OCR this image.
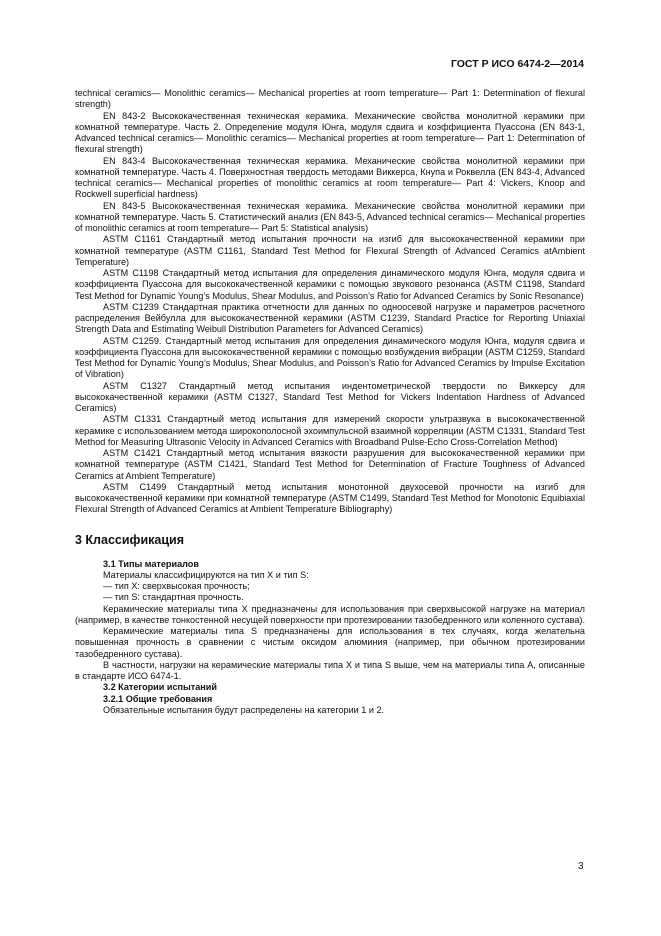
ГОСТ Р ИСО 6474-2—2014

technical ceramics— Monolithic ceramics— Mechanical properties at room temperature— Part 1: Determination of flexural strength)

EN 843-2 Высококачественная техническая керамика. Механические свойства монолитной керамики при комнатной температуре. Часть 2. Определение модуля Юнга, модуля сдвига и коэффициента Пуассона (EN 843-1, Advanced technical ceramics— Monolithic ceramics— Mechanical properties at room temperature— Part 1: Determination of flexural strength)

EN 843-4 Высококачественная техническая керамика. Механические свойства монолитной керамики при комнатной температуре. Часть 4. Поверхностная твердость методами Виккерса, Кнупа и Роквелла (EN 843-4, Advanced technical ceramics— Mechanical properties of monolithic ceramics at room temperature— Part 4: Vickers, Knoop and Rockwell superficial hardness)

EN 843-5 Высококачественная техническая керамика. Механические свойства монолитной керамики при комнатной температуре. Часть 5. Статистический анализ (EN 843-5, Advanced technical ceramics— Mechanical properties of monolithic ceramics at room temperature— Part 5: Statistical analysis)

ASTM C1161 Стандартный метод испытания прочности на изгиб для высококачественной керамики при комнатной температуре (ASTM C1161, Standard Test Method for Flexural Strength of Advanced Ceramics atAmbient Temperature)

ASTM C1198 Стандартный метод испытания для определения динамического модуля Юнга, модуля сдвига и коэффициента Пуассона для высококачественной керамики с помощью звукового резонанса (ASTM C1198, Standard Test Method for Dynamic Young’s Modulus, Shear Modulus, and Poisson’s Ratio for Advanced Ceramics by Sonic Resonance)

ASTM C1239 Стандартная практика отчетности для данных по одноосевой нагрузке и параметров расчетного распределения Вейбулла для высококачественной керамики (ASTM C1239, Standard Practice for Reporting Uniaxial Strength Data and Estimating Weibull Distribution Parameters for Advanced Ceramics)

ASTM C1259. Стандартный метод испытания для определения динамического модуля Юнга, модуля сдвига и коэффициента Пуассона для высококачественной керамики с помощью возбуждения вибрации (ASTM C1259, Standard Test Method for Dynamic Young’s Modulus, Shear Modulus, and Poisson’s Ratio for Advanced Ceramics by Impulse Excitation of Vibration)

ASTM C1327 Стандартный метод испытания индентометрической твердости по Виккерсу для высококачественной керамики (ASTM C1327, Standard Test Method for Vickers Indentation Hardness of Advanced Ceramics)

ASTM C1331 Стандартный метод испытания для измерений скорости ультразвука в высококачественной керамике с использованием метода широкополосной эхоимпульсной взаимной корреляции (ASTM C1331, Standard Test Method for Measuring Ultrasonic Velocity in Advanced Ceramics with Broadband Pulse-Echo Cross-Correlation Method)

ASTM C1421 Стандартный метод испытания вязкости разрушения для высококачественной керамики при комнатной температуре (ASTM C1421, Standard Test Method for Determination of Fracture Toughness of Advanced Ceramics at Ambient Temperature)

ASTM C1499 Стандартный метод испытания монотонной двухосевой прочности на изгиб для высококачественной керамики при комнатной температуре (ASTM C1499, Standard Test Method for Monotonic Equibiaxial Flexural Strength of Advanced Ceramics at Ambient Temperature Bibliography)

3 Классификация
3.1 Типы материалов

Материалы классифицируются на тип X и тип S:

— тип X: сверхвысокая прочность;

— тип S: стандартная прочность.

Керамические материалы типа X предназначены для использования при сверхвысокой нагрузке на материал (например, в качестве тонкостенной несущей поверхности при протезировании тазобедренного или коленного сустава).

Керамические материалы типа S предназначены для использования в тех случаях, когда желательна повышенная прочность в сравнении с чистым оксидом алюминия (например, при обычном протезировании тазобедренного сустава).

В частности, нагрузки на керамические материалы типа X и типа S выше, чем на материалы типа A, описанные в стандарте ИСО 6474-1.

3.2 Категории испытаний
3.2.1 Общие требования

Обязательные испытания будут распределены на категории 1 и 2.

3
